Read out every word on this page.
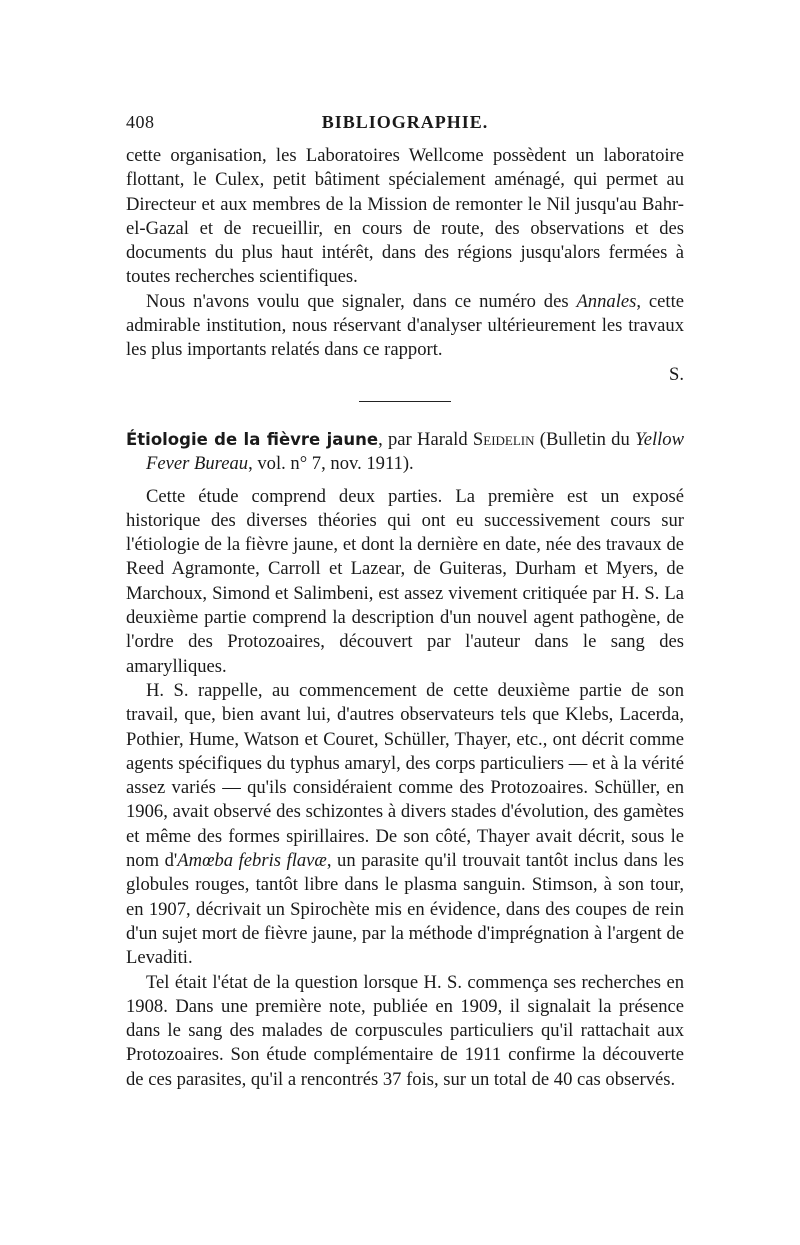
408	BIBLIOGRAPHIE.

cette organisation, les Laboratoires Wellcome possèdent un laboratoire flottant, le Culex, petit bâtiment spécialement aménagé, qui permet au Directeur et aux membres de la Mission de remonter le Nil jusqu'au Bahr-el-Gazal et de recueillir, en cours de route, des observations et des documents du plus haut intérêt, dans des régions jusqu'alors fermées à toutes recherches scientifiques.

Nous n'avons voulu que signaler, dans ce numéro des Annales, cette admirable institution, nous réservant d'analyser ultérieurement les travaux les plus importants relatés dans ce rapport.

S.

Étiologie de la fièvre jaune, par Harald Seidelin (Bulletin du Yellow Fever Bureau, vol. n° 7, nov. 1911).

Cette étude comprend deux parties. La première est un exposé historique des diverses théories qui ont eu successivement cours sur l'étiologie de la fièvre jaune, et dont la dernière en date, née des travaux de Reed Agramonte, Carroll et Lazear, de Guiteras, Durham et Myers, de Marchoux, Simond et Salimbeni, est assez vivement critiquée par H. S. La deuxième partie comprend la description d'un nouvel agent pathogène, de l'ordre des Protozoaires, découvert par l'auteur dans le sang des amarylliques.

H. S. rappelle, au commencement de cette deuxième partie de son travail, que, bien avant lui, d'autres observateurs tels que Klebs, Lacerda, Pothier, Hume, Watson et Couret, Schüller, Thayer, etc., ont décrit comme agents spécifiques du typhus amaryl, des corps particuliers — et à la vérité assez variés — qu'ils considéraient comme des Protozoaires. Schüller, en 1906, avait observé des schizontes à divers stades d'évolution, des gamètes et même des formes spirillaires. De son côté, Thayer avait décrit, sous le nom d'Amœba febris flavæ, un parasite qu'il trouvait tantôt inclus dans les globules rouges, tantôt libre dans le plasma sanguin. Stimson, à son tour, en 1907, décrivait un Spirochète mis en évidence, dans des coupes de rein d'un sujet mort de fièvre jaune, par la méthode d'imprégnation à l'argent de Levaditi.

Tel était l'état de la question lorsque H. S. commença ses recherches en 1908. Dans une première note, publiée en 1909, il signalait la présence dans le sang des malades de corpuscules particuliers qu'il rattachait aux Protozoaires. Son étude complémentaire de 1911 confirme la découverte de ces parasites, qu'il a rencontrés 37 fois, sur un total de 40 cas observés.
